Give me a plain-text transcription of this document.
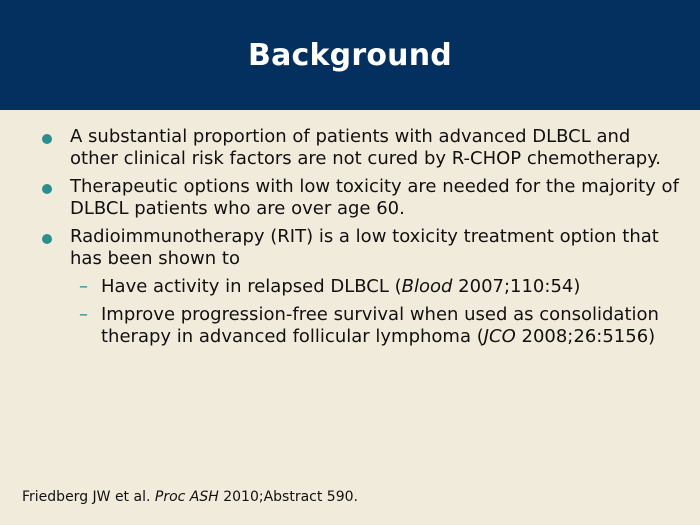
Background
A substantial proportion of patients with advanced DLBCL and other clinical risk factors are not cured by R-CHOP chemotherapy.
Therapeutic options with low toxicity are needed for the majority of DLBCL patients who are over age 60.
Radioimmunotherapy (RIT) is a low toxicity treatment option that has been shown to
– Have activity in relapsed DLBCL (Blood 2007;110:54)
– Improve progression-free survival when used as consolidation therapy in advanced follicular lymphoma (JCO 2008;26:5156)
Friedberg JW et al. Proc ASH 2010;Abstract 590.
